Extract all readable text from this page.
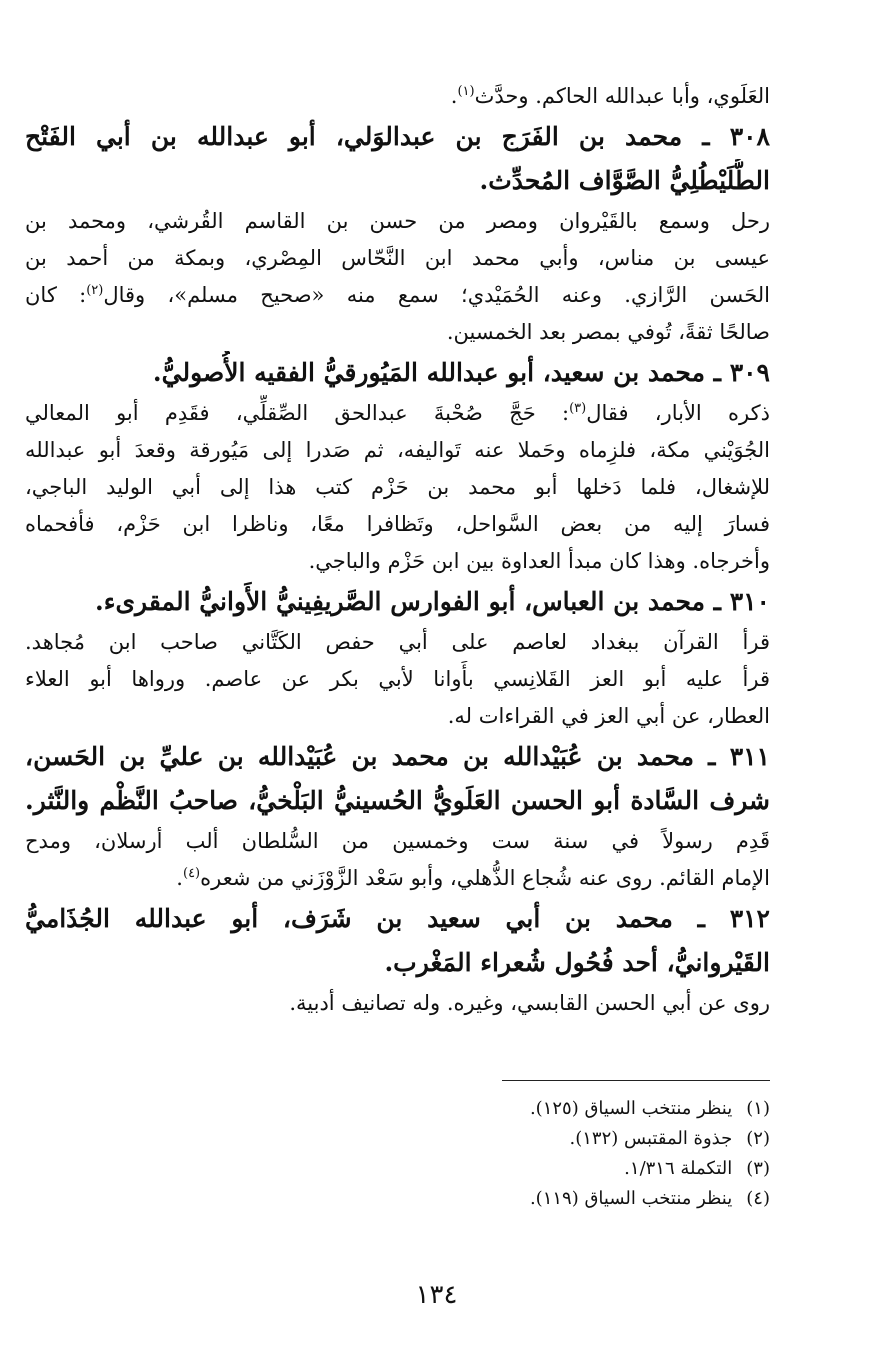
العَلَوي، وأبا عبدالله الحاكم. وحدَّث$^{(١)}$.
٣٠٨ ـ محمد بن الفَرَج بن عبدالوَلي، أبو عبدالله بن أبي الفَتْح
الطُّلَيْطُلِيُّ الصَّوَّاف المُحدِّث.
رحل وسمع بالقَيْروان ومصر من حسن بن القاسم القُرشي، ومحمد بن
عيسى بن مناس، وأبي محمد ابن النَّحّاس المِصْري، وبمكة من أحمد بن
الحَسن الرَّازي. وعنه الحُمَيْدي؛ سمع منه «صحيح مسلم»، وقال$^{(٢)}$: كان
صالحًا ثقةً، تُوفي بمصر بعد الخمسين.
٣٠٩ ـ محمد بن سعيد، أبو عبدالله المَيُورقيُّ الفقيه الأُصوليُّ.
ذكره الأبار، فقال$^{(٣)}$: حَجَّ صُحْبةَ عبدالحق الصِّقلِّي، فقَدِم أبو المعالي
الجُوَيْني مكة، فلزِماه وحَملا عنه تَواليفه، ثم صَدرا إلى مَيُورقة وقعدَ أبو عبدالله
للإشغال، فلما دَخلها أبو محمد بن حَزْم كتب هذا إلى أبي الوليد الباجي،
فسارَ إليه من بعض السَّواحل، وتَظافرا معًا، وناظرا ابن حَزْم، فأفحماه
وأخرجاه. وهذا كان مبدأ العداوة بين ابن حَزْم والباجي.
٣١٠ ـ محمد بن العباس، أبو الفوارس الصَّريفِينيُّ الأَوانيُّ المقرىء.
قرأ القرآن ببغداد لعاصم على أبي حفص الكَتَّاني صاحب ابن مُجاهد.
قرأ عليه أبو العز القَلانِسي بأَوانا لأبي بكر عن عاصم. ورواها أبو العلاء
العطار، عن أبي العز في القراءات له.
٣١١ ـ محمد بن عُبَيْدالله بن محمد بن عُبَيْدالله بن عليِّ بن الحَسن،
شرف السَّادة أبو الحسن العَلَويُّ الحُسينيُّ البَلْخيُّ، صاحبُ النَّظْم والنَّثر.
قَدِم رسولاً في سنة ست وخمسين من السُّلطان ألب أرسلان، ومدح
الإمام القائم. روى عنه شُجاع الذُّهلي، وأبو سَعْد الزَّوْزَني من شعره$^{(٤)}$.
٣١٢ ـ محمد بن أبي سعيد بن شَرَف، أبو عبدالله الجُذَاميُّ
القَيْروانيُّ، أحد فُحُول شُعراء المَغْرب.
روى عن أبي الحسن القابسي، وغيره. وله تصانيف أدبية.
(١)ينظر منتخب السياق (١٢٥).
(٢)جذوة المقتبس (١٣٢).
(٣)التكملة ١/٣١٦.
(٤)ينظر منتخب السياق (١١٩).
١٣٤
